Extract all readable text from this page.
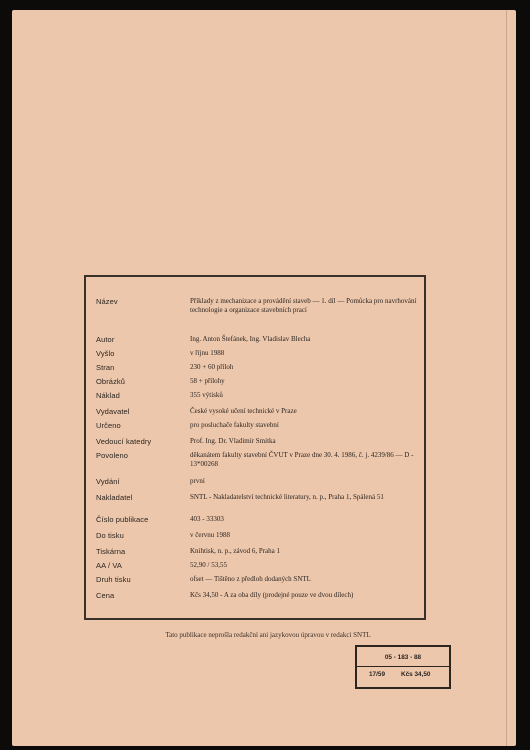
Název	Příklady z mechanizace a provádění staveb — 1. díl — Pomůcka pro navrhování technologie a organizace stavebních prací
Autor	Ing. Anton Štefánek, Ing. Vladislav Blecha
Vyšlo	v říjnu 1988
Stran	230 + 60 příloh
Obrázků	58 + přílohy
Náklad	355 výtisků
Vydavatel	České vysoké učení technické v Praze
Určeno	pro posluchače fakulty stavební
Vedoucí katedry	Prof. Ing. Dr. Vladimír Smitka
Povoleno	děkanátem fakulty stavební ČVUT v Praze dne 30. 4. 1986, č. j. 4239/86 — D - 13*00268
Vydání	první
Nakladatel	SNTL - Nakladatelství technické literatury, n. p., Praha 1, Spálená 51
Číslo publikace	403 - 33303
Do tisku	v červnu 1988
Tiskárna	Knihtisk, n. p., závod 6, Praha 1
AA / VA	52,90 / 53,55
Druh tisku	ofset — Tištěno z předloh dodaných SNTL
Cena	Kčs 34,50 - A za oba díly (prodejné pouze ve dvou dílech)
Tato publikace neprošla redakční ani jazykovou úpravou v redakci SNTL
05 - 183 - 88
17/59	Kčs 34,50
